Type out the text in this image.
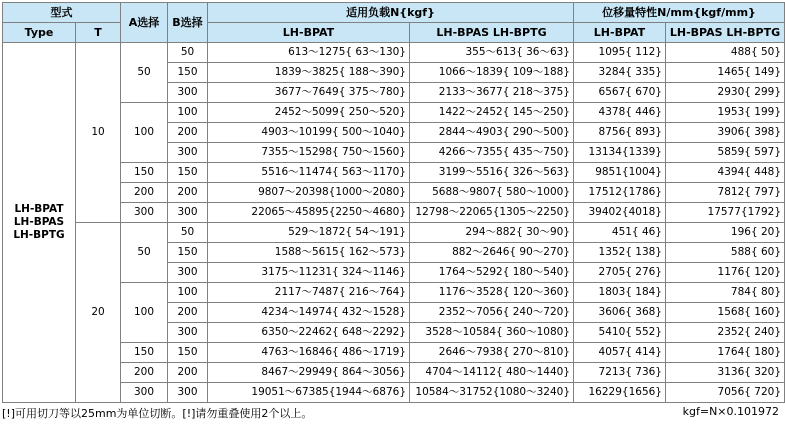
型式		A选择	B选择	适用负载N{kgf}		位移量特性N/mm{kgf/mm}	
Type	T			LH-BPAT	LH-BPAS LH-BPTG	LH-BPAT	LH-BPAS LH-BPTG

LH-BPAT
LH-BPAS
LH-BPTG	10	50	50	613～1275{ 63～130}	355～613{ 36～63}	1095{ 112}	488{ 50}
			150	1839～3825{ 188～390}	1066～1839{ 109～188}	3284{ 335}	1465{ 149}
			300	3677～7649{ 375～780}	2133～3677{ 218～375}	6567{ 670}	2930{ 299}
		100	100	2452～5099{ 250～520}	1422～2452{ 145～250}	4378{ 446}	1953{ 199}
			200	4903～10199{ 500～1040}	2844～4903{ 290～500}	8756{ 893}	3906{ 398}
			300	7355～15298{ 750～1560}	4266～7355{ 435～750}	13134{1339}	5859{ 597}
		150	150	5516～11474{ 563～1170}	3199～5516{ 326～563}	9851{1004}	4394{ 448}
		200	200	9807～20398{1000～2080}	5688～9807{ 580～1000}	17512{1786}	7812{ 797}
		300	300	22065～45895{2250～4680}	12798～22065{1305～2250}	39402{4018}	17577{1792}
	20	50	50	529～1872{ 54～191}	294～882{ 30～90}	451{ 46}	196{ 20}
			150	1588～5615{ 162～573}	882～2646{ 90～270}	1352{ 138}	588{ 60}
			300	3175～11231{ 324～1146}	1764～5292{ 180～540}	2705{ 276}	1176{ 120}
		100	100	2117～7487{ 216～764}	1176～3528{ 120～360}	1803{ 184}	784{ 80}
			200	4234～14974{ 432～1528}	2352～7056{ 240～720}	3606{ 368}	1568{ 160}
			300	6350～22462{ 648～2292}	3528～10584{ 360～1080}	5410{ 552}	2352{ 240}
		150	150	4763～16846{ 486～1719}	2646～7938{ 270～810}	4057{ 414}	1764{ 180}
		200	200	8467～29949{ 864～3056}	4704～14112{ 480～1440}	7213{ 736}	3136{ 320}
		300	300	19051～67385{1944～6876}	10584～31752{1080～3240}	16229{1656}	7056{ 720}
[!]可用切刀等以25mm为单位切断。[!]请勿重叠使用2个以上。	kgf=N×0.101972
